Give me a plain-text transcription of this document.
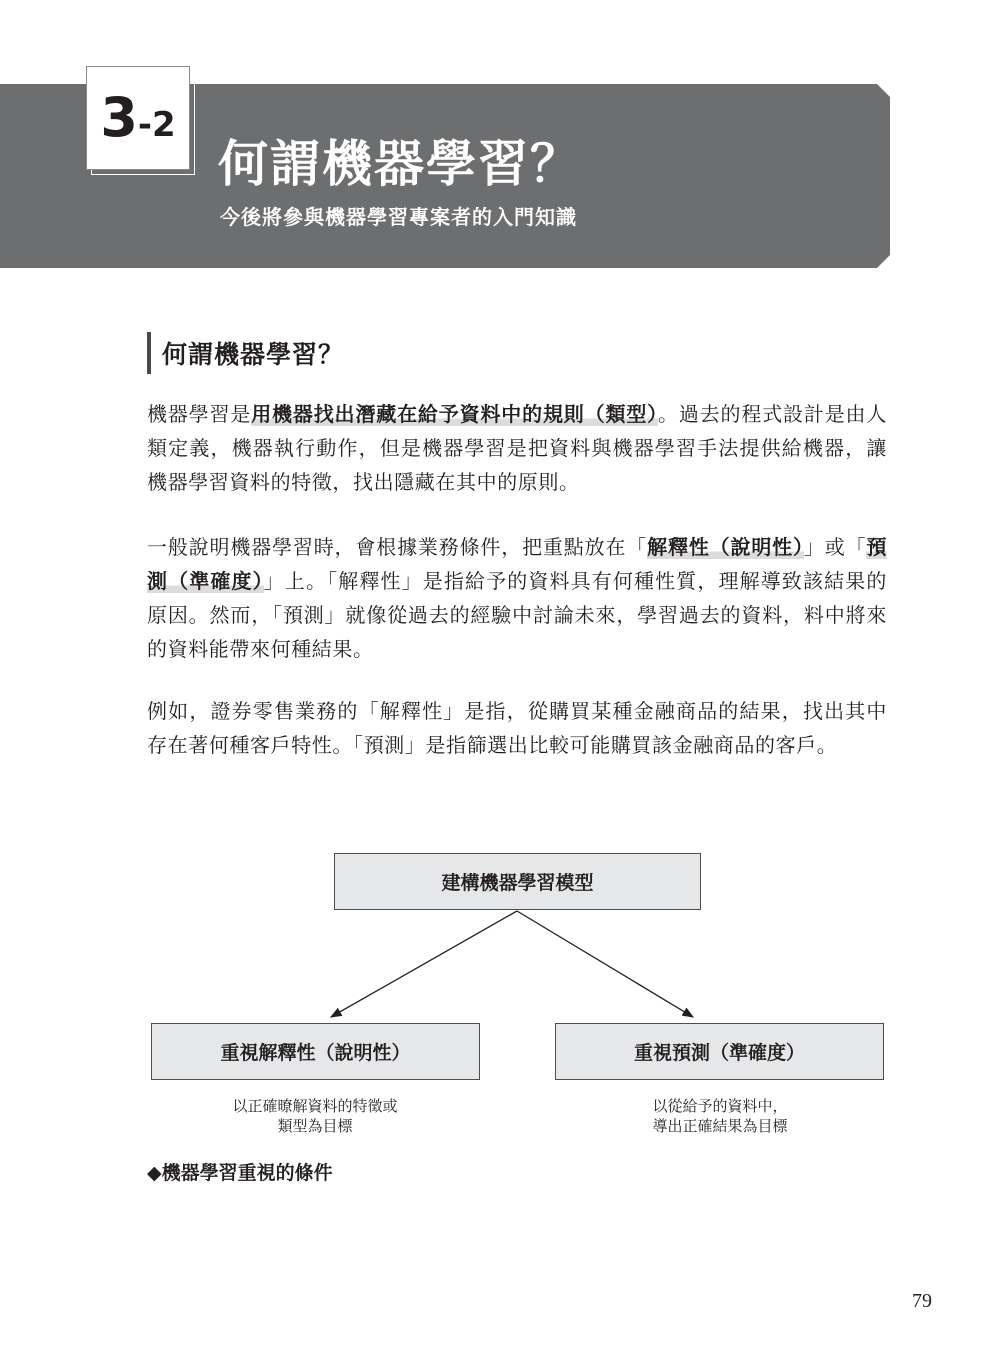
3 -2
何謂機器學習？
今後將參與機器學習專案者的入門知識
何謂機器學習？
機器學習是用機器找出潛藏在給予資料中的規則（類型）。過去的程式設計是由人類定義，機器執行動作，但是機器學習是把資料與機器學習手法提供給機器，讓機器學習資料的特徵，找出隱藏在其中的原則。
一般說明機器學習時，會根據業務條件，把重點放在「解釋性（說明性）」或「預測（準確度）」上。「解釋性」是指給予的資料具有何種性質，理解導致該結果的原因。然而，「預測」就像從過去的經驗中討論未來，學習過去的資料，料中將來的資料能帶來何種結果。
例如，證券零售業務的「解釋性」是指，從購買某種金融商品的結果，找出其中存在著何種客戶特性。「預測」是指篩選出比較可能購買該金融商品的客戶。
建構機器學習模型
重視解釋性（說明性）	重視預測（準確度）
以正確暸解資料的特徵或
類型為目標
以從給予的資料中，
導出正確結果為目標
◆機器學習重視的條件
79
